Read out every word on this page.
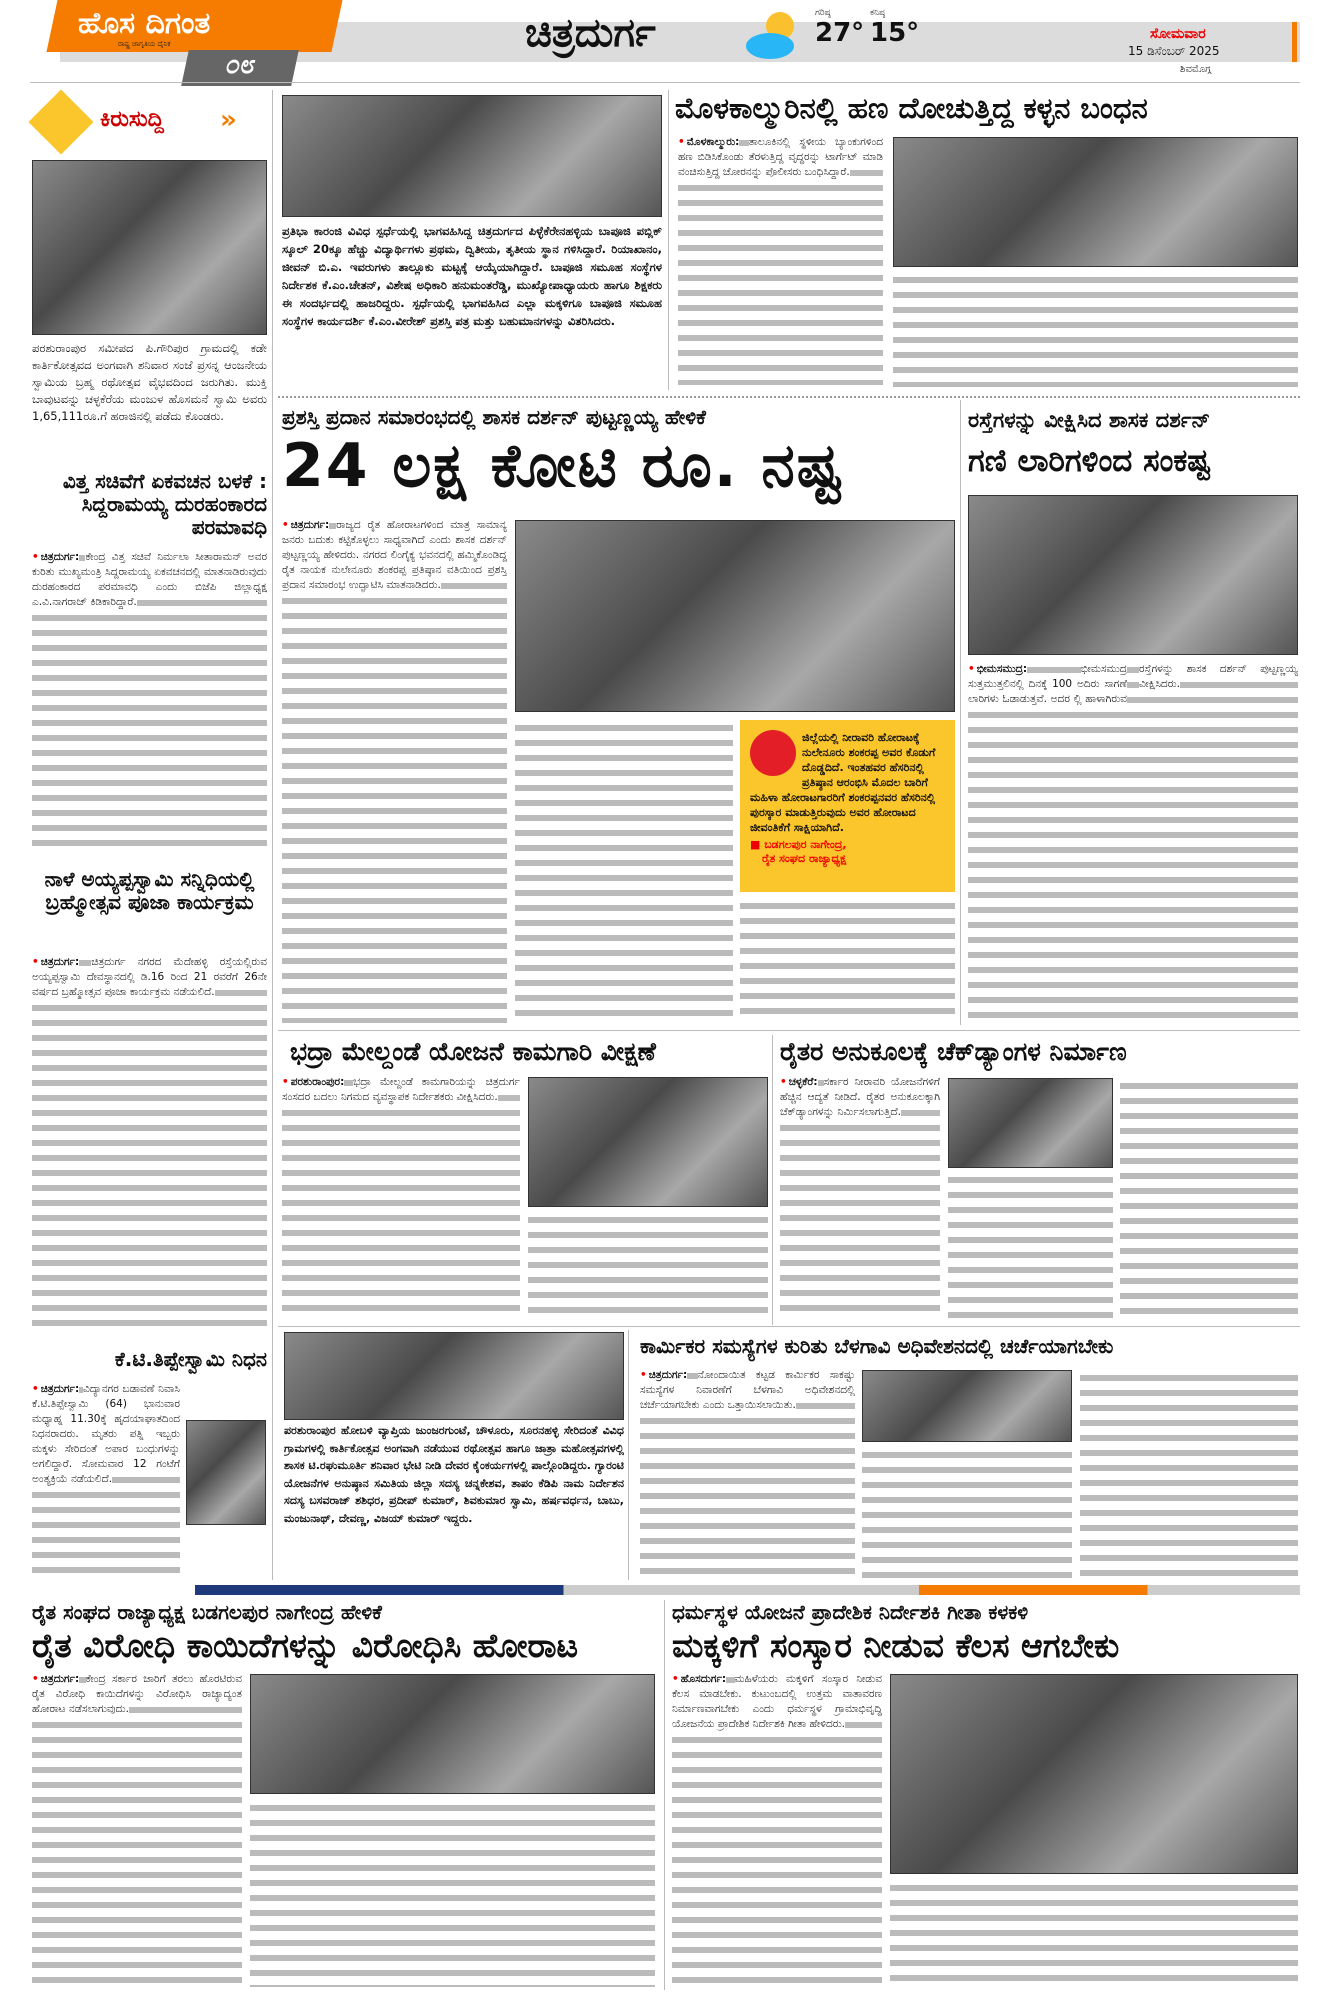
ಹೊಸ ದಿಗಂತ
ರಾಷ್ಟ್ರ ಜಾಗೃತಿಯ ದೈನಿಕ
೦೮
ಚಿತ್ರದುರ್ಗ	ಗರಿಷ್ಠ
27°
ಕನಿಷ್ಠ
15°	ಸೋಮವಾರ
15 ಡಿಸೆಂಬರ್ 2025
ಶಿವಮೊಗ್ಗ
ಕಿರುಸುದ್ದಿ »
ಪರಶುರಾಂಪುರ ಸಮೀಪದ ಪಿ.ಗೌರಿಪುರ ಗ್ರಾಮದಲ್ಲಿ ಕಡೇ ಕಾರ್ತಿಕೋತ್ಸವದ ಅಂಗವಾಗಿ ಶನಿವಾರ ಸಂಜೆ ಪ್ರಸನ್ನ ಆಂಜನೇಯ ಸ್ವಾಮಿಯ ಬ್ರಹ್ಮ ರಥೋತ್ಸವ ವೈಭವದಿಂದ ಜರುಗಿತು. ಮುಕ್ತಿ ಬಾವುಟವನ್ನು ಚಳ್ಳಕೆರೆಯ ಮಂಜುಳ ಹೊಸಮನೆ ಸ್ವಾಮಿ ಅವರು 1,65,111ರೂ.ಗೆ ಹರಾಜಿನಲ್ಲಿ ಪಡೆದು ಕೊಂಡರು.
ವಿತ್ತ ಸಚಿವೆಗೆ ಏಕವಚನ ಬಳಕೆ : ಸಿದ್ದರಾಮಯ್ಯ ದುರಹಂಕಾರದ ಪರಮಾವಧಿ
• ಚಿತ್ರದುರ್ಗ: ಕೇಂದ್ರ ವಿತ್ತ ಸಚಿವೆ ನಿರ್ಮಲಾ ಸೀತಾರಾಮನ್ ಅವರ ಕುರಿತು ಮುಖ್ಯಮಂತ್ರಿ ಸಿದ್ದರಾಮಯ್ಯ ಏಕವಚನದಲ್ಲಿ ಮಾತನಾಡಿರುವುದು ದುರಹಂಕಾರದ ಪರಮಾವಧಿ ಎಂದು ಬಿಜೆಪಿ ಜಿಲ್ಲಾಧ್ಯಕ್ಷ ಎ.ವಿ.ನಾಗರಾಜ್ ಕಿಡಿಕಾರಿದ್ದಾರೆ.
ನಾಳೆ ಅಯ್ಯಪ್ಪಸ್ವಾಮಿ ಸನ್ನಿಧಿಯಲ್ಲಿ ಬ್ರಹ್ಮೋತ್ಸವ ಪೂಜಾ ಕಾರ್ಯಕ್ರಮ
• ಚಿತ್ರದುರ್ಗ: ಚಿತ್ರದುರ್ಗ ನಗರದ ಮೆದೇಹಳ್ಳಿ ರಸ್ತೆಯಲ್ಲಿರುವ ಅಯ್ಯಪ್ಪಸ್ವಾಮಿ ದೇವಸ್ಥಾನದಲ್ಲಿ ಡಿ.16 ರಿಂದ 21 ರವರೆಗೆ 26ನೇ ವರ್ಷದ ಬ್ರಹ್ಮೋತ್ಸವ ಪೂಜಾ ಕಾರ್ಯಕ್ರಮ ನಡೆಯಲಿದೆ.
ಕೆ.ಟಿ.ತಿಪ್ಪೇಸ್ವಾಮಿ ನಿಧನ
• ಚಿತ್ರದುರ್ಗ: ವಿದ್ಯಾನಗರ ಬಡಾವಣೆ ನಿವಾಸಿ ಕೆ.ಟಿ.ತಿಪ್ಪೇಸ್ವಾಮಿ (64) ಭಾನುವಾರ ಮಧ್ಯಾಹ್ನ 11.30ಕ್ಕೆ ಹೃದಯಾಘಾತದಿಂದ ನಿಧನರಾದರು. ಮೃತರು ಪತ್ನಿ ಇಬ್ಬರು ಮಕ್ಕಳು ಸೇರಿದಂತೆ ಅಪಾರ ಬಂಧುಗಳನ್ನು ಅಗಲಿದ್ದಾರೆ. ಸೋಮವಾರ 12 ಗಂಟೆಗೆ ಅಂತ್ಯಕ್ರಿಯೆ ನಡೆಯಲಿದೆ.
ಪ್ರತಿಭಾ ಕಾರಂಜಿ ವಿವಿಧ ಸ್ಪರ್ಧೆಯಲ್ಲಿ ಭಾಗವಹಿಸಿದ್ದ ಚಿತ್ರದುರ್ಗದ ಪಿಳ್ಳೆಕೆರೇನಹಳ್ಳಿಯ ಬಾಪೂಜಿ ಪಬ್ಲಿಕ್ ಸ್ಕೂಲ್ 20ಕ್ಕೂ ಹೆಚ್ಚು ವಿದ್ಯಾರ್ಥಿಗಳು ಪ್ರಥಮ, ದ್ವಿತೀಯ, ತೃತೀಯ ಸ್ಥಾನ ಗಳಿಸಿದ್ದಾರೆ. ರಿಯಾಖಾನಂ, ಜೀವನ್ ಬಿ.ಎ. ಇವರುಗಳು ತಾಲ್ಲೂಕು ಮಟ್ಟಕ್ಕೆ ಆಯ್ಕೆಯಾಗಿದ್ದಾರೆ. ಬಾಪೂಜಿ ಸಮೂಹ ಸಂಸ್ಥೆಗಳ ನಿರ್ದೇಶಕ ಕೆ.ಎಂ.ಚೇತನ್, ವಿಶೇಷ ಅಧಿಕಾರಿ ಹನುಮಂತರೆಡ್ಡಿ, ಮುಖ್ಯೋಪಾಧ್ಯಾಯರು ಹಾಗೂ ಶಿಕ್ಷಕರು ಈ ಸಂದರ್ಭದಲ್ಲಿ ಹಾಜರಿದ್ದರು. ಸ್ಪರ್ಧೆಯಲ್ಲಿ ಭಾಗವಹಿಸಿದ ಎಲ್ಲಾ ಮಕ್ಕಳಿಗೂ ಬಾಪೂಜಿ ಸಮೂಹ ಸಂಸ್ಥೆಗಳ ಕಾರ್ಯದರ್ಶಿ ಕೆ.ಎಂ.ವೀರೇಶ್ ಪ್ರಶಸ್ತಿ ಪತ್ರ ಮತ್ತು ಬಹುಮಾನಗಳನ್ನು ವಿತರಿಸಿದರು.
ಮೊಳಕಾಲ್ಮುರಿನಲ್ಲಿ ಹಣ ದೋಚುತ್ತಿದ್ದ ಕಳ್ಳನ ಬಂಧನ
• ಮೊಳಕಾಲ್ಮುರು: ತಾಲೂಕಿನಲ್ಲಿ ಸ್ಥಳೀಯ ಬ್ಯಾಂಕುಗಳಿಂದ ಹಣ ಬಿಡಿಸಿಕೊಂಡು ತೆರಳುತ್ತಿದ್ದ ವೃದ್ಧರನ್ನು ಟಾರ್ಗೆಟ್ ಮಾಡಿ ವಂಚಿಸುತ್ತಿದ್ದ ಚೋರನನ್ನು ಪೊಲೀಸರು ಬಂಧಿಸಿದ್ದಾರೆ.
ಪ್ರಶಸ್ತಿ ಪ್ರದಾನ ಸಮಾರಂಭದಲ್ಲಿ ಶಾಸಕ ದರ್ಶನ್ ಪುಟ್ಟಣ್ಣಯ್ಯ ಹೇಳಿಕೆ
24 ಲಕ್ಷ ಕೋಟಿ ರೂ. ನಷ್ಟ
• ಚಿತ್ರದುರ್ಗ: ರಾಜ್ಯದ ರೈತ ಹೋರಾಟಗಳಿಂದ ಮಾತ್ರ ಸಾಮಾನ್ಯ ಜನರು ಬದುಕು ಕಟ್ಟಿಕೊಳ್ಳಲು ಸಾಧ್ಯವಾಗಿದೆ ಎಂದು ಶಾಸಕ ದರ್ಶನ್ ಪುಟ್ಟಣ್ಣಯ್ಯ ಹೇಳಿದರು. ನಗರದ ಲಿಂಗೈಕ್ಯ ಭವನದಲ್ಲಿ ಹಮ್ಮಿಕೊಂಡಿದ್ದ ರೈತ ನಾಯಕ ನುಲೇನೂರು ಶಂಕರಪ್ಪ ಪ್ರತಿಷ್ಠಾನ ವತಿಯಿಂದ ಪ್ರಶಸ್ತಿ ಪ್ರದಾನ ಸಮಾರಂಭ ಉದ್ಘಾಟಿಸಿ ಮಾತನಾಡಿದರು.
ಜಿಲ್ಲೆಯಲ್ಲಿ ನೀರಾವರಿ ಹೋರಾಟಕ್ಕೆ ನುಲೇನೂರು ಶಂಕರಪ್ಪ ಅವರ ಕೊಡುಗೆ ದೊಡ್ಡದಿದೆ. ಇಂತಹವರ ಹೆಸರಿನಲ್ಲಿ ಪ್ರತಿಷ್ಠಾನ ಆರಂಭಿಸಿ ಮೊದಲ ಬಾರಿಗೆ ಮಹಿಳಾ ಹೋರಾಟಗಾರರಿಗೆ ಶಂಕರಪ್ಪನವರ ಹೆಸರಿನಲ್ಲಿ ಪುರಸ್ಕಾರ ಮಾಡುತ್ತಿರುವುದು ಅವರ ಹೋರಾಟದ ಜೀವಂತಿಕೆಗೆ ಸಾಕ್ಷಿಯಾಗಿದೆ.
■ ಬಡಗಲಪುರ ನಾಗೇಂದ್ರ,
ರೈತ ಸಂಘದ ರಾಜ್ಯಾಧ್ಯಕ್ಷ
ರಸ್ತೆಗಳನ್ನು ವೀಕ್ಷಿಸಿದ ಶಾಸಕ ದರ್ಶನ್
ಗಣಿ ಲಾರಿಗಳಿಂದ ಸಂಕಷ್ಟ
• ಭೀಮಸಮುದ್ರ:	ಭೀಮಸಮುದ್ರ ಸುತ್ತಮುತ್ತಲಿನಲ್ಲಿ ದಿನಕ್ಕೆ 100 ಅದಿರು ಸಾಗಣೆ ಲಾರಿಗಳು ಓಡಾಡುತ್ತವೆ. ಅದರ ಲ್ಲಿ ಹಾಳಾಗಿರುವ ರಸ್ತೆಗಳನ್ನು ಶಾಸಕ ದರ್ಶನ್ ಪುಟ್ಟಣ್ಣಯ್ಯ ವೀಕ್ಷಿಸಿದರು.
ಭದ್ರಾ ಮೇಲ್ದಂಡೆ ಯೋಜನೆ ಕಾಮಗಾರಿ ವೀಕ್ಷಣೆ
• ಪರಶುರಾಂಪುರ: ಭದ್ರಾ ಮೇಲ್ದಂಡೆ ಕಾಮಗಾರಿಯನ್ನು ಚಿತ್ರದುರ್ಗ ಸಂಸದರ ಬದಲು ನಿಗಮದ ವ್ಯವಸ್ಥಾಪಕ ನಿರ್ದೇಶಕರು ವೀಕ್ಷಿಸಿದರು.
ರೈತರ ಅನುಕೂಲಕ್ಕೆ ಚೆಕ್‌ಡ್ಯಾಂಗಳ ನಿರ್ಮಾಣ
• ಚಳ್ಳಕೆರೆ: ಸರ್ಕಾರ ನೀರಾವರಿ ಯೋಜನೆಗಳಿಗೆ ಹೆಚ್ಚಿನ ಆದ್ಯತೆ ನೀಡಿದೆ. ರೈತರ ಅನುಕೂಲಕ್ಕಾಗಿ ಚೆಕ್‌ಡ್ಯಾಂಗಳನ್ನು ನಿರ್ಮಿಸಲಾಗುತ್ತಿದೆ.
ಪರಶುರಾಂಪುರ ಹೋಬಳಿ ವ್ಯಾಪ್ತಿಯ ಜುಂಜರಗುಂಟೆ, ಚೌಳೂರು, ಸೂರನಹಳ್ಳಿ ಸೇರಿದಂತೆ ವಿವಿಧ ಗ್ರಾಮಗಳಲ್ಲಿ ಕಾರ್ತಿಕೋತ್ಸವ ಅಂಗವಾಗಿ ನಡೆಯುವ ರಥೋತ್ಸವ ಹಾಗೂ ಜಾತ್ರಾ ಮಹೋತ್ಸವಗಳಲ್ಲಿ ಶಾಸಕ ಟಿ.ರಘುಮೂರ್ತಿ ಶನಿವಾರ ಭೇಟಿ ನೀಡಿ ದೇವರ ಕೈಂಕರ್ಯಗಳಲ್ಲಿ ಪಾಲ್ಗೊಂಡಿದ್ದರು. ಗ್ಯಾರಂಟಿ ಯೋಜನೆಗಳ ಅನುಷ್ಠಾನ ಸಮಿತಿಯ ಜಿಲ್ಲಾ ಸದಸ್ಯ ಚನ್ನಕೇಶವ, ತಾಪಂ ಕೆಡಿಪಿ ನಾಮ ನಿರ್ದೇಶನ ಸದಸ್ಯ ಬಸವರಾಜ್ ಶಶಿಧರ, ಪ್ರದೀಪ್ ಕುಮಾರ್, ಶಿವಕುಮಾರ ಸ್ವಾಮಿ, ಹರ್ಷವರ್ಧನ, ಬಾಬು, ಮಂಜುನಾಥ್, ದೇವಣ್ಣ, ವಿಜಯ್ ಕುಮಾರ್ ಇದ್ದರು.
ಕಾರ್ಮಿಕರ ಸಮಸ್ಯೆಗಳ ಕುರಿತು ಬೆಳಗಾವಿ ಅಧಿವೇಶನದಲ್ಲಿ ಚರ್ಚೆಯಾಗಬೇಕು
• ಚಿತ್ರದುರ್ಗ: ನೋಂದಾಯಿತ ಕಟ್ಟಡ ಕಾರ್ಮಿಕರ ಸಾಕಷ್ಟು ಸಮಸ್ಯೆಗಳ ನಿವಾರಣೆಗೆ ಬೆಳಗಾವಿ ಅಧಿವೇಶನದಲ್ಲಿ ಚರ್ಚೆಯಾಗಬೇಕು ಎಂದು ಒತ್ತಾಯಿಸಲಾಯಿತು.
ರೈತ ಸಂಘದ ರಾಜ್ಯಾಧ್ಯಕ್ಷ ಬಡಗಲಪುರ ನಾಗೇಂದ್ರ ಹೇಳಿಕೆ
ರೈತ ವಿರೋಧಿ ಕಾಯಿದೆಗಳನ್ನು ವಿರೋಧಿಸಿ ಹೋರಾಟ
• ಚಿತ್ರದುರ್ಗ: ಕೇಂದ್ರ ಸರ್ಕಾರ ಜಾರಿಗೆ ತರಲು ಹೊರಟಿರುವ ರೈತ ವಿರೋಧಿ ಕಾಯಿದೆಗಳನ್ನು ವಿರೋಧಿಸಿ ರಾಜ್ಯಾದ್ಯಂತ ಹೋರಾಟ ನಡೆಸಲಾಗುವುದು.
ಧರ್ಮಸ್ಥಳ ಯೋಜನೆ ಪ್ರಾದೇಶಿಕ ನಿರ್ದೇಶಕಿ ಗೀತಾ ಕಳಕಳಿ
ಮಕ್ಕಳಿಗೆ ಸಂಸ್ಕಾರ ನೀಡುವ ಕೆಲಸ ಆಗಬೇಕು
• ಹೊಸದುರ್ಗ: ಮಹಿಳೆಯರು ಮಕ್ಕಳಿಗೆ ಸಂಸ್ಕಾರ ನೀಡುವ ಕೆಲಸ ಮಾಡಬೇಕು. ಕುಟುಂಬದಲ್ಲಿ ಉತ್ತಮ ವಾತಾವರಣ ನಿರ್ಮಾಣವಾಗಬೇಕು ಎಂದು ಧರ್ಮಸ್ಥಳ ಗ್ರಾಮಾಭಿವೃದ್ಧಿ ಯೋಜನೆಯ ಪ್ರಾದೇಶಿಕ ನಿರ್ದೇಶಕಿ ಗೀತಾ ಹೇಳಿದರು.
